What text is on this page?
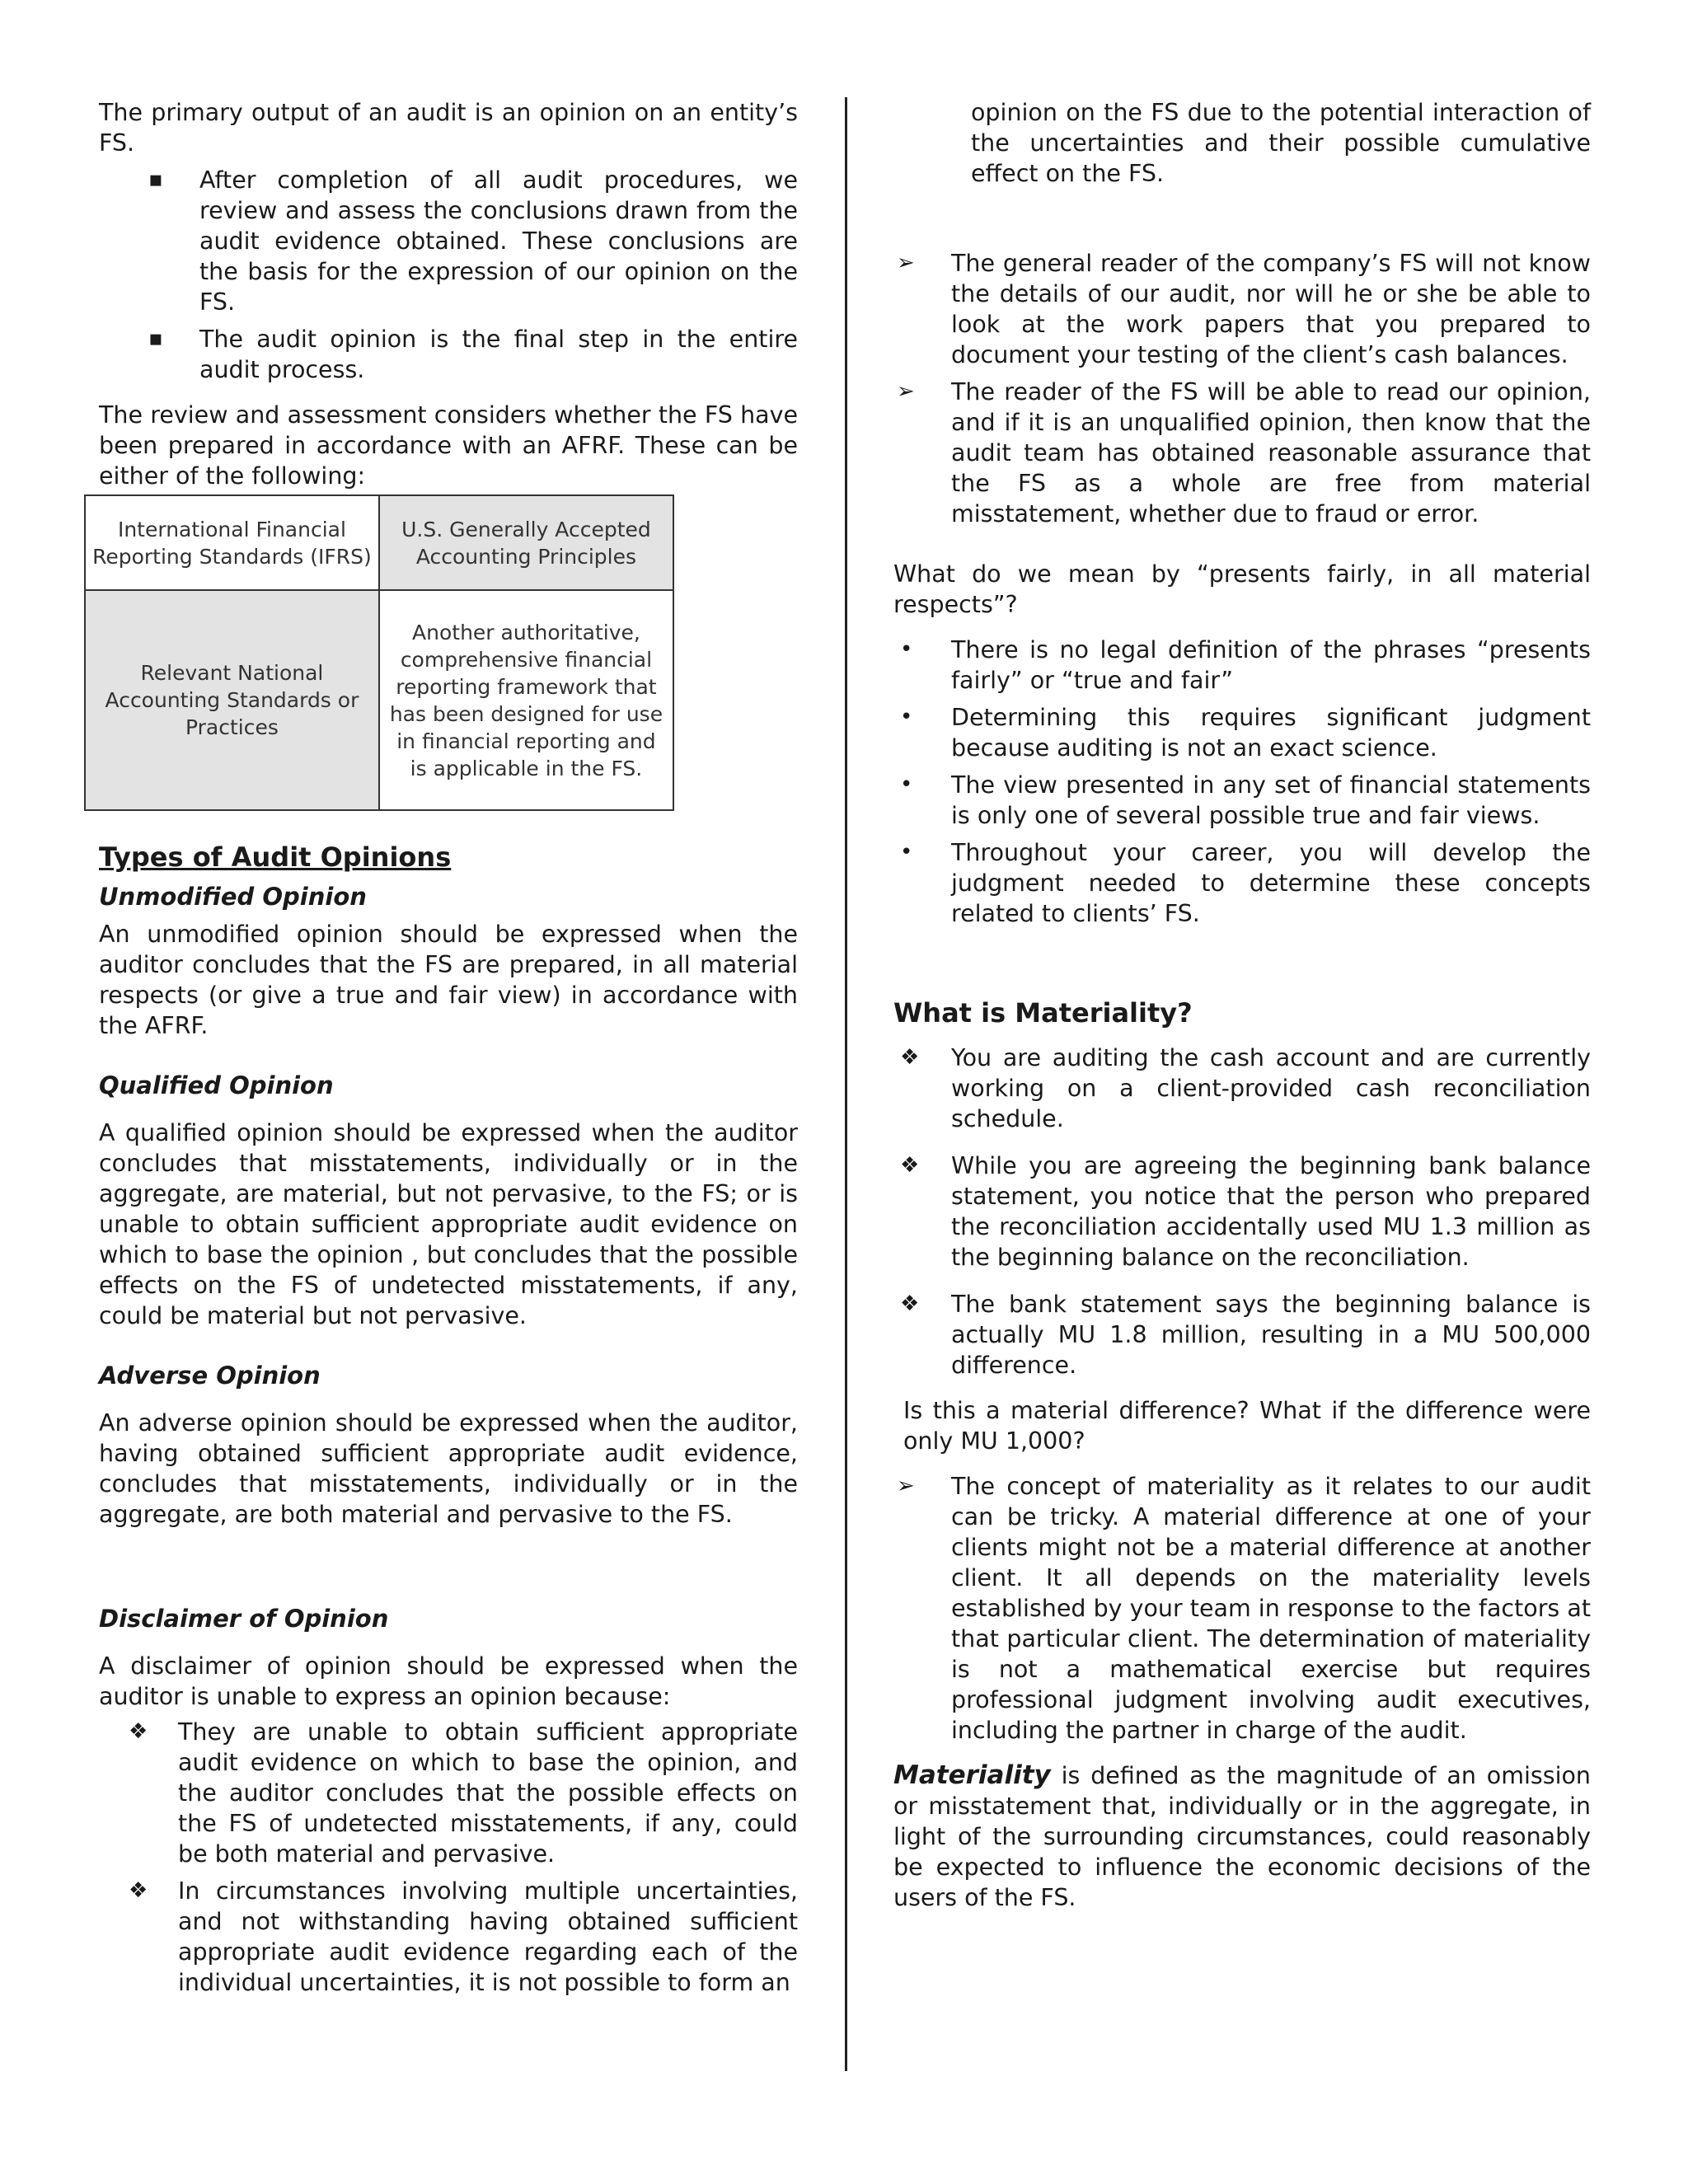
The primary output of an audit is an opinion on an entity’s FS.

▪ After completion of all audit procedures, we review and assess the conclusions drawn from the audit evidence obtained. These conclusions are the basis for the expression of our opinion on the FS.
▪ The audit opinion is the final step in the entire audit process.

The review and assessment considers whether the FS have been prepared in accordance with an AFRF. These can be either of the following:

International Financial Reporting Standards (IFRS)	U.S. Generally Accepted Accounting Principles
Relevant National Accounting Standards or Practices	Another authoritative, comprehensive financial reporting framework that has been designed for use in financial reporting and is applicable in the FS.
Types of Audit Opinions
Unmodified Opinion

An unmodified opinion should be expressed when the auditor concludes that the FS are prepared, in all material respects (or give a true and fair view) in accordance with the AFRF.

Qualified Opinion

A qualified opinion should be expressed when the auditor concludes that misstatements, individually or in the aggregate, are material, but not pervasive, to the FS; or is unable to obtain sufficient appropriate audit evidence on which to base the opinion , but concludes that the possible effects on the FS of undetected misstatements, if any, could be material but not pervasive.

Adverse Opinion

An adverse opinion should be expressed when the auditor, having obtained sufficient appropriate audit evidence, concludes that misstatements, individually or in the aggregate, are both material and pervasive to the FS.

Disclaimer of Opinion

A disclaimer of opinion should be expressed when the auditor is unable to express an opinion because:

❖ They are unable to obtain sufficient appropriate audit evidence on which to base the opinion, and the auditor concludes that the possible effects on the FS of undetected misstatements, if any, could be both material and pervasive.
❖ In circumstances involving multiple uncertainties, and not withstanding having obtained sufficient appropriate audit evidence regarding each of the individual uncertainties, it is not possible to form an

opinion on the FS due to the potential interaction of the uncertainties and their possible cumulative effect on the FS.

➢ The general reader of the company’s FS will not know the details of our audit, nor will he or she be able to look at the work papers that you prepared to document your testing of the client’s cash balances.
➢ The reader of the FS will be able to read our opinion, and if it is an unqualified opinion, then know that the audit team has obtained reasonable assurance that the FS as a whole are free from material misstatement, whether due to fraud or error.

What do we mean by “presents fairly, in all material respects”?

• There is no legal definition of the phrases “presents fairly” or “true and fair”
• Determining this requires significant judgment because auditing is not an exact science.
• The view presented in any set of financial statements is only one of several possible true and fair views.
• Throughout your career, you will develop the judgment needed to determine these concepts related to clients’ FS.
What is Materiality?
❖ You are auditing the cash account and are currently working on a client-provided cash reconciliation schedule.
❖ While you are agreeing the beginning bank balance statement, you notice that the person who prepared the reconciliation accidentally used MU 1.3 million as the beginning balance on the reconciliation.
❖ The bank statement says the beginning balance is actually MU 1.8 million, resulting in a MU 500,000 difference.

Is this a material difference? What if the difference were only MU 1,000?

➢ The concept of materiality as it relates to our audit can be tricky. A material difference at one of your clients might not be a material difference at another client. It all depends on the materiality levels established by your team in response to the factors at that particular client. The determination of materiality is not a mathematical exercise but requires professional judgment involving audit executives, including the partner in charge of the audit.

Materiality is defined as the magnitude of an omission or misstatement that, individually or in the aggregate, in light of the surrounding circumstances, could reasonably be expected to influence the economic decisions of the users of the FS.
